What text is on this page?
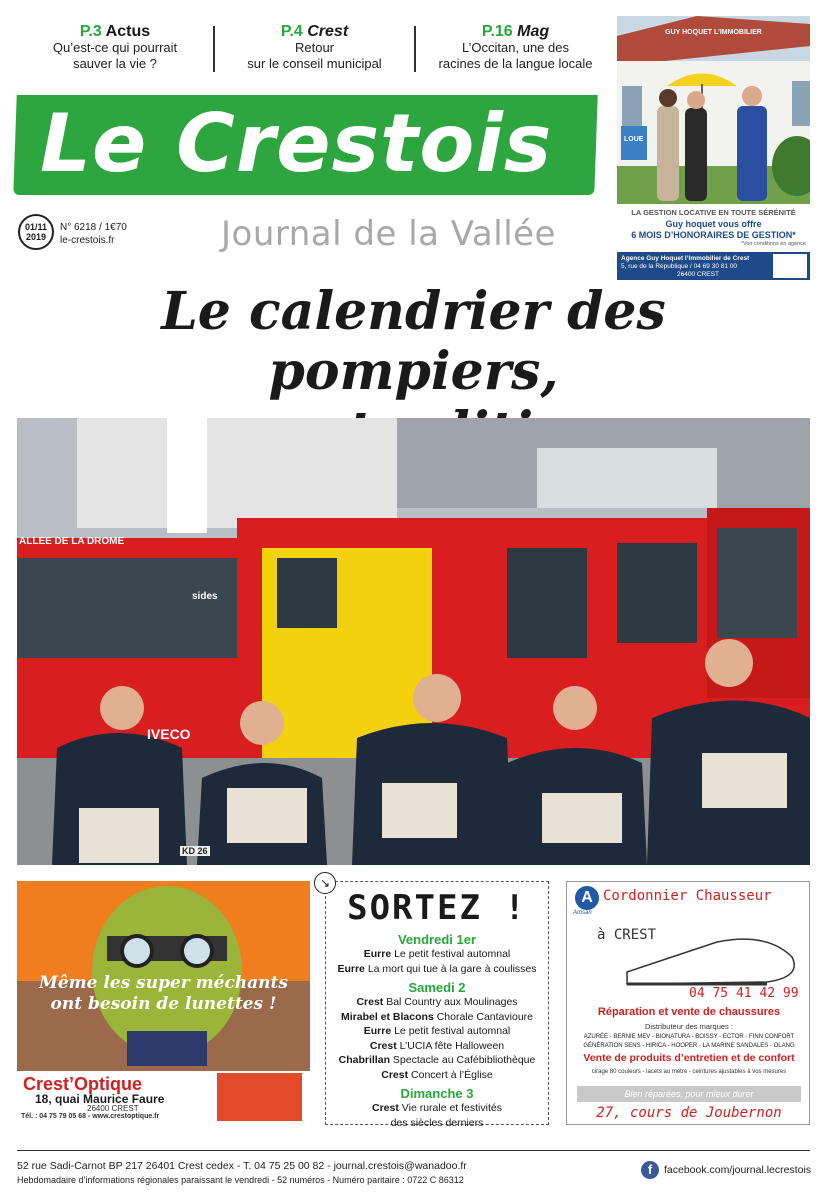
P.3 Actus
Qu’est-ce qui pourrait
sauver la vie ?
P.4 Crest
Retour
sur le conseil municipal
P.16 Mag
L’Occitan, une des
racines de la langue locale
Le Crestois
01/11
2019
N° 6218 / 1€70
le-crestois.fr	Journal de la Vallée
GUY HOQUET L’IMMOBILIER
LOUE
LA GESTION LOCATIVE EN TOUTE SÉRÉNITÉ
Guy hoquet vous offre
6 MOIS D’HONORAIRES DE GESTION*
*Voir conditions en agence
Agence Guy Hoquet l’Immobilier de Crest
5, rue de la République / 04 69 30 81 00
26400 CREST
Le calendrier des pompiers,
ALLEE DE LA DROME
IVECO
sides
KD 26
Même les super méchants
ont besoin de lunettes !
Crest’Optique
18, quai Maurice Faure
26400 CREST
Tél. : 04 75 79 05 68 - www.crestoptique.fr
↘
SORTEZ !
Vendredi 1er
Eurre Le petit festival automnal
Eurre La mort qui tue à la gare à coulisses
Samedi 2
Crest Bal Country aux Moulinages
Mirabel et Blacons Chorale Cantavioure
Eurre Le petit festival automnal
Crest L’UCIA fête Halloween
Chabrillan Spectacle au Cafébibliothèque
Crest Concert à l’Église
Dimanche 3
Crest Vie rurale et festivités des siècles derniers
A
Artisan
Cordonnier Chausseur
à CREST
04 75 41 42 99
Réparation et vente de chaussures
Distributeur des marques :
AZURÉE - BERNIE MEV - BIONATURA - BOISSY - ECTOR - FINN CONFORT
GÉNÉRATION SENS - HIRICA - HOOPER - LA MARINE SANDALES - OLANG
Vente de produits d’entretien et de confort
cirage 80 couleurs - lacets au mètre - ceintures ajustables à vos mesures
Bien réparées, pour mieux durer
27, cours de Joubernon
52 rue Sadi-Carnot BP 217 26401 Crest cedex - T. 04 75 25 00 82 - journal.crestois@wanadoo.fr
Hebdomadaire d’informations régionales paraissant le vendredi - 52 numéros - Numéro paritaire : 0722 C 86312
f	facebook.com/journal.lecrestois
